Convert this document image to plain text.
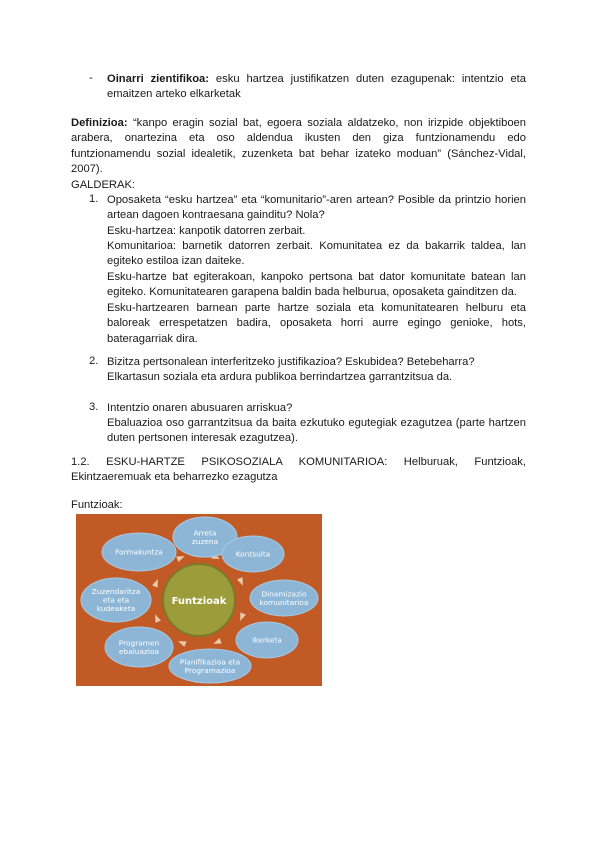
- Oinarri zientifikoa: esku hartzea justifikatzen duten ezagupenak: intentzio eta emaitzen arteko elkarketak
Definizioa: “kanpo eragin sozial bat, egoera soziala aldatzeko, non irizpide objektiboen arabera, onartezina eta oso aldendua ikusten den giza funtzionamendu edo funtzionamendu sozial idealetik, zuzenketa bat behar izateko moduan” (Sánchez-Vidal, 2007).
GALDERAK:
1. Oposaketa “esku hartzea” eta “komunitario”-aren artean? Posible da printzio horien artean dagoen kontraesana gainditu? Nola?
Esku-hartzea: kanpotik datorren zerbait.
Komunitarioa: barnetik datorren zerbait. Komunitatea ez da bakarrik taldea, lan egiteko estiloa izan daiteke.
Esku-hartze bat egiterakoan, kanpoko pertsona bat dator komunitate batean lan egiteko. Komunitatearen garapena baldin bada helburua, oposaketa gainditzen da.
Esku-hartzearen barnean parte hartze soziala eta komunitatearen helburu eta baloreak errespetatzen badira, oposaketa horri aurre egingo genioke, hots, bateragarriak dira.
2. Bizitza pertsonalean interferitzeko justifikazioa? Eskubidea? Betebeharra?
Elkartasun soziala eta ardura publikoa berrindartzea garrantzitsua da.
3. Intentzio onaren abusuaren arriskua?
Ebaluazioa oso garrantzitsua da baita ezkutuko egutegiak ezagutzea (parte hartzen duten pertsonen interesak ezagutzea).
1.2.    ESKU-HARTZE    PSIKOSOZIALA    KOMUNITARIOA:    Helburuak,    Funtzioak, Ekintzaeremuak eta beharrezko ezagutza
Funtzioak:
Arreta
zuzena
Kontsulta
Dinamizazio
komunitarioa
Ikerketa
Planifikazioa eta
Programazioa
Programen
ebaluazioa
Zuzendaritza
eta eta
kudeaketa
Formakuntza
Funtzioak
